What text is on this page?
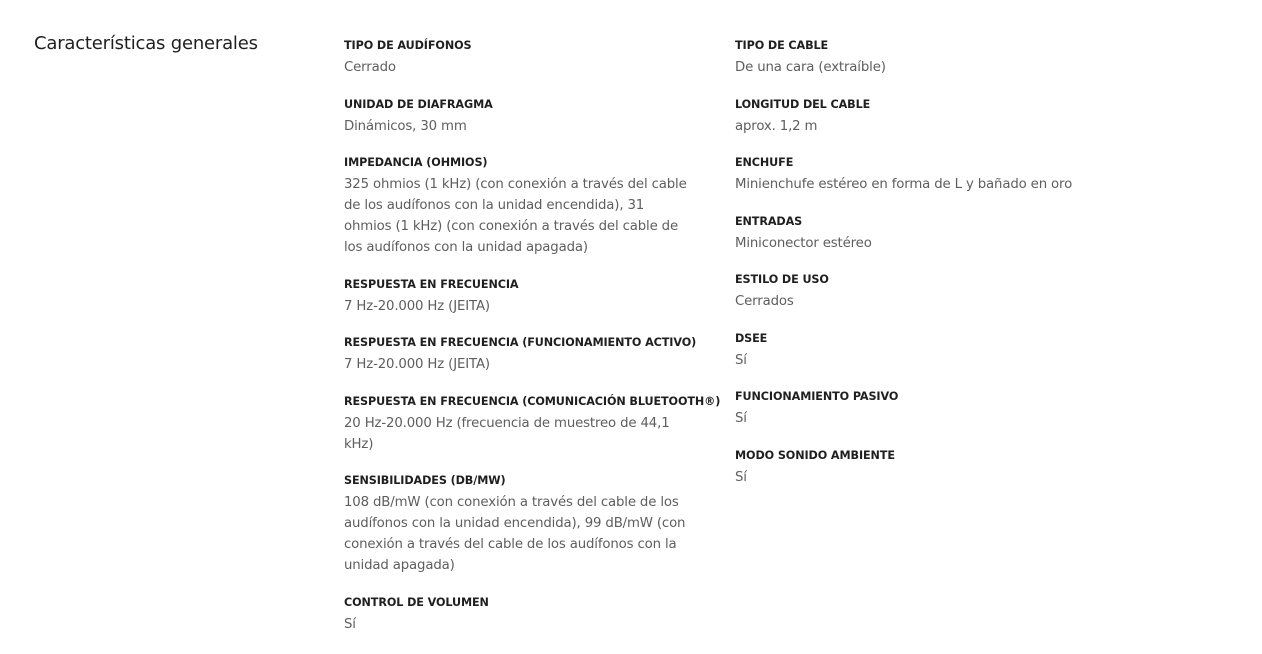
Características generales	TIPO DE AUDÍFONOS
Cerrado
UNIDAD DE DIAFRAGMA
Dinámicos, 30 mm
IMPEDANCIA (OHMIOS)
325 ohmios (1 kHz) (con conexión a través del cable de los audífonos con la unidad encendida), 31 ohmios (1 kHz) (con conexión a través del cable de los audífonos con la unidad apagada)
RESPUESTA EN FRECUENCIA
7 Hz-20.000 Hz (JEITA)
RESPUESTA EN FRECUENCIA (FUNCIONAMIENTO ACTIVO)
7 Hz-20.000 Hz (JEITA)
RESPUESTA EN FRECUENCIA (COMUNICACIÓN BLUETOOTH®)
20 Hz-20.000 Hz (frecuencia de muestreo de 44,1 kHz)
SENSIBILIDADES (DB/MW)
108 dB/mW (con conexión a través del cable de los audífonos con la unidad encendida), 99 dB/mW (con conexión a través del cable de los audífonos con la unidad apagada)
CONTROL DE VOLUMEN
Sí
TIPO DE CABLE
De una cara (extraíble)
LONGITUD DEL CABLE
aprox. 1,2 m
ENCHUFE
Minienchufe estéreo en forma de L y bañado en oro
ENTRADAS
Miniconector estéreo
ESTILO DE USO
Cerrados
DSEE
Sí
FUNCIONAMIENTO PASIVO
Sí
MODO SONIDO AMBIENTE
Sí
